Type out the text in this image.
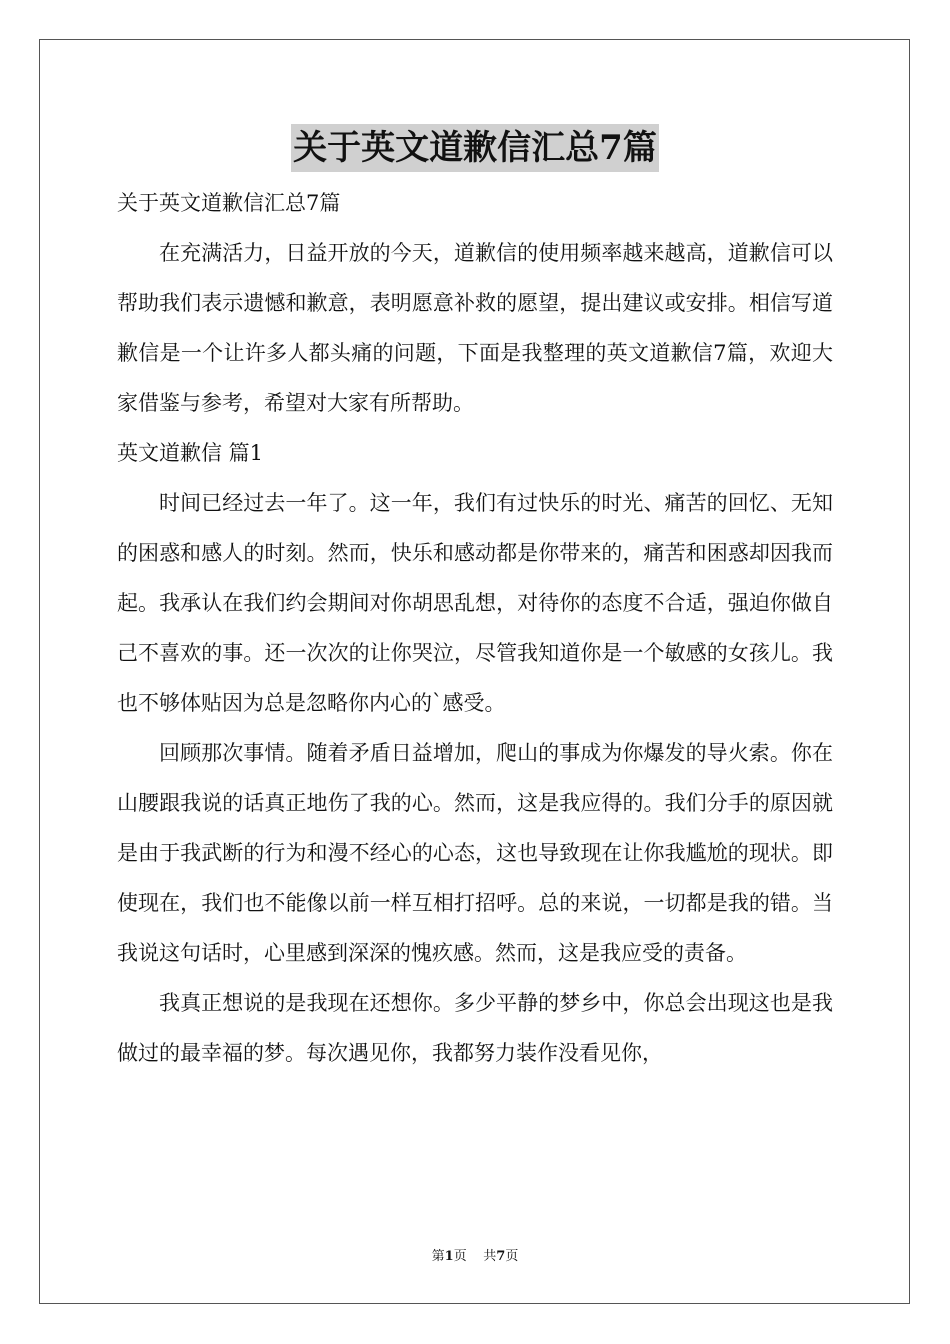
关于英文道歉信汇总7篇

关于英文道歉信汇总7篇

在充满活力，日益开放的今天，道歉信的使用频率越来越高，道歉信可以帮助我们表示遗憾和歉意，表明愿意补救的愿望，提出建议或安排。相信写道歉信是一个让许多人都头痛的问题，下面是我整理的英文道歉信7篇，欢迎大家借鉴与参考，希望对大家有所帮助。

英文道歉信 篇1

时间已经过去一年了。这一年，我们有过快乐的时光、痛苦的回忆、无知的困惑和感人的时刻。然而，快乐和感动都是你带来的，痛苦和困惑却因我而起。我承认在我们约会期间对你胡思乱想，对待你的态度不合适，强迫你做自己不喜欢的事。还一次次的让你哭泣，尽管我知道你是一个敏感的女孩儿。我也不够体贴因为总是忽略你内心的`感受。

回顾那次事情。随着矛盾日益增加，爬山的事成为你爆发的导火索。你在山腰跟我说的话真正地伤了我的心。然而，这是我应得的。我们分手的原因就是由于我武断的行为和漫不经心的心态，这也导致现在让你我尴尬的现状。即使现在，我们也不能像以前一样互相打招呼。总的来说，一切都是我的错。当我说这句话时，心里感到深深的愧疚感。然而，这是我应受的责备。

我真正想说的是我现在还想你。多少平静的梦乡中，你总会出现这也是我做过的最幸福的梦。每次遇见你，我都努力装作没看见你，

第1页 共7页
